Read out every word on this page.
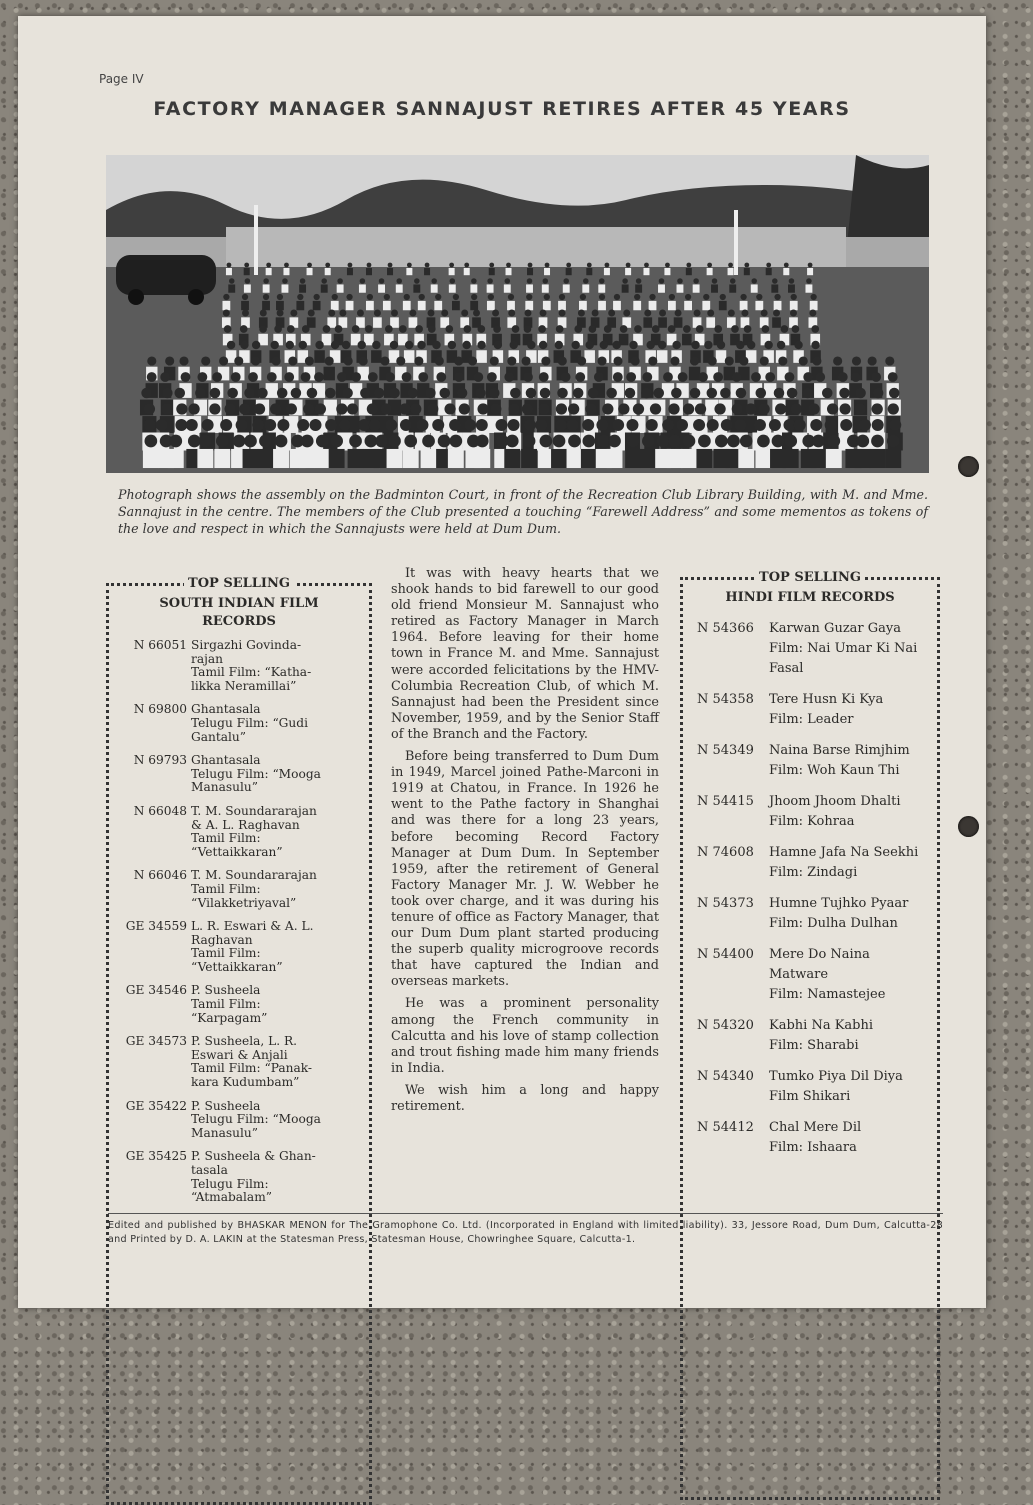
Page IV
FACTORY MANAGER SANNAJUST RETIRES AFTER 45 YEARS
Photograph shows the assembly on the Badminton Court, in front of the Recreation Club Library Building, with M. and Mme. Sannajust in the centre. The members of the Club presented a touching “Farewell Address” and some mementos as tokens of the love and respect in which the Sannajusts were held at Dum Dum.
TOP SELLING
SOUTH INDIAN FILM
RECORDS
N 66051 Sirgazhi Govinda-
rajan
Tamil Film: “Katha-
likka Neramillai”
N 69800 Ghantasala
Telugu Film: “Gudi
Gantalu”
N 69793 Ghantasala
Telugu Film: “Mooga
Manasulu”
N 66048 T. M. Soundararajan
& A. L. Raghavan
Tamil Film:
“Vettaikkaran”
N 66046 T. M. Soundararajan
Tamil Film:
“Vilakketriyaval”
GE 34559 L. R. Eswari & A. L.
Raghavan
Tamil Film:
“Vettaikkaran”
GE 34546 P. Susheela
Tamil Film:
“Karpagam”
GE 34573 P. Susheela, L. R.
Eswari & Anjali
Tamil Film: “Panak-
kara Kudumbam”
GE 35422 P. Susheela
Telugu Film: “Mooga
Manasulu”
GE 35425 P. Susheela & Ghan-
tasala
Telugu Film:
“Atmabalam”

It was with heavy hearts that we shook hands to bid farewell to our good old friend Monsieur M. Sannajust who retired as Factory Manager in March 1964. Before leaving for their home town in France M. and Mme. Sannajust were accorded felicitations by the HMV-Columbia Recreation Club, of which M. Sannajust had been the President since November, 1959, and by the Senior Staff of the Branch and the Factory.

Before being transferred to Dum Dum in 1949, Marcel joined Pathe-Marconi in 1919 at Chatou, in France. In 1926 he went to the Pathe factory in Shanghai and was there for a long 23 years, before becoming Record Factory Manager at Dum Dum. In September 1959, after the retirement of General Factory Manager Mr. J. W. Webber he took over charge, and it was during his tenure of office as Factory Manager, that our Dum Dum plant started producing the superb quality microgroove records that have captured the Indian and overseas markets.

He was a prominent personality among the French community in Calcutta and his love of stamp collection and trout fishing made him many friends in India.

We wish him a long and happy retirement.

TOP SELLING
HINDI FILM RECORDS
N 54366	Karwan Guzar Gaya
Film: Nai Umar Ki Nai
Fasal
N 54358	Tere Husn Ki Kya
Film: Leader
N 54349	Naina Barse Rimjhim
Film: Woh Kaun Thi
N 54415	Jhoom Jhoom Dhalti
Film: Kohraa
N 74608	Hamne Jafa Na Seekhi
Film: Zindagi
N 54373	Humne Tujhko Pyaar
Film: Dulha Dulhan
N 54400	Mere Do Naina
Matware
Film: Namastejee
N 54320	Kabhi Na Kabhi
Film: Sharabi
N 54340	Tumko Piya Dil Diya
Film Shikari
N 54412	Chal Mere Dil
Film: Ishaara
Edited and published by BHASKAR MENON for The Gramophone Co. Ltd. (Incorporated in England with limited liability). 33, Jessore Road, Dum Dum, Calcutta-28 and Printed by D. A. LAKIN at the Statesman Press, Statesman House, Chowringhee Square, Calcutta-1.
